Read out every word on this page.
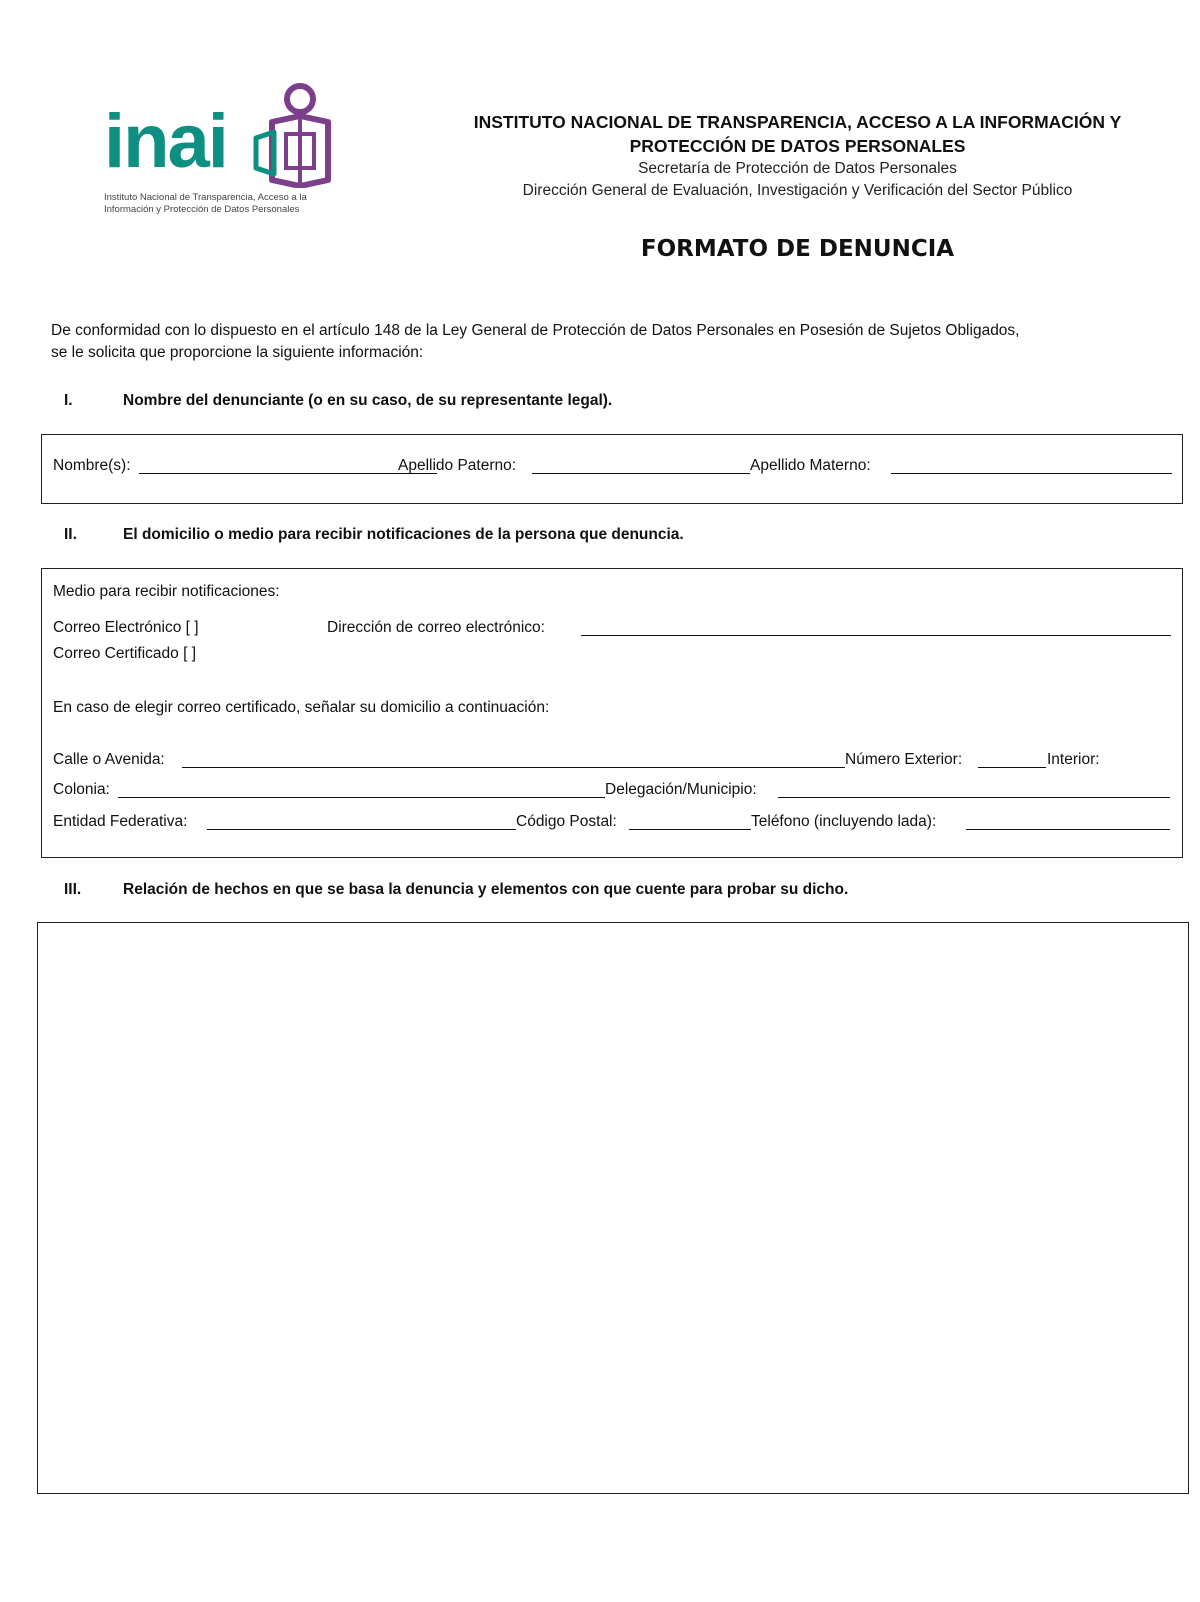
inai
Instituto Nacional de Transparencia, Acceso a la
Información y Protección de Datos Personales
INSTITUTO NACIONAL DE TRANSPARENCIA, ACCESO A LA INFORMACIÓN Y
PROTECCIÓN DE DATOS PERSONALES
Secretaría de Protección de Datos Personales
Dirección General de Evaluación, Investigación y Verificación del Sector Público
FORMATO DE DENUNCIA
De conformidad con lo dispuesto en el artículo 148 de la Ley General de Protección de Datos Personales en Posesión de Sujetos Obligados,
se le solicita que proporcione la siguiente información:
I.	Nombre del denunciante (o en su caso, de su representante legal).
Nombre(s):	Apellido Paterno:	Apellido Materno:
II.	El domicilio o medio para recibir notificaciones de la persona que denuncia.
Medio para recibir notificaciones:
Correo Electrónico [ ]	Dirección de correo electrónico:
Correo Certificado [ ]
En caso de elegir correo certificado, señalar su domicilio a continuación:
Calle o Avenida:	Número Exterior:	Interior:
Colonia:	Delegación/Municipio:
Entidad Federativa:	Código Postal:	Teléfono (incluyendo lada):
III.	Relación de hechos en que se basa la denuncia y elementos con que cuente para probar su dicho.
